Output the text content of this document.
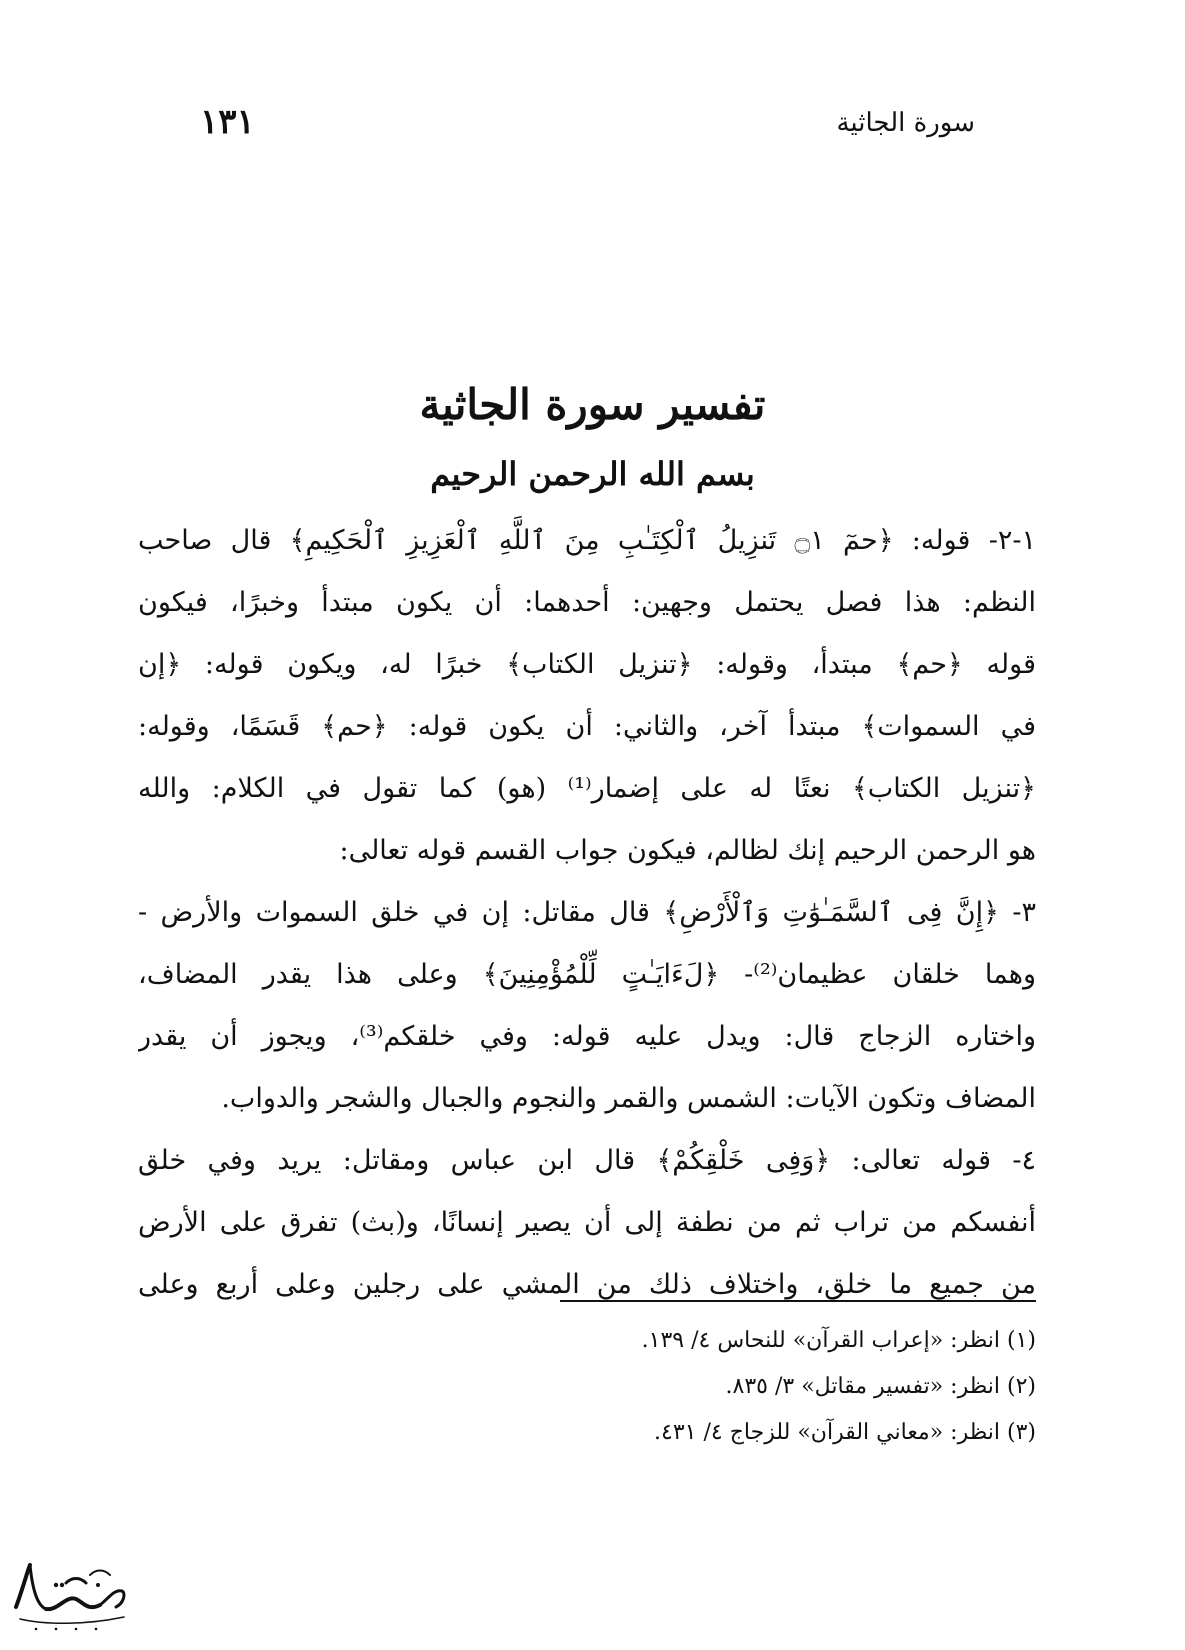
سورة الجاثية
١٣١
تفسير سورة الجاثية
بسم الله الرحمن الرحيم
١-٢- قوله: ﴿حمٓ ۝١ تَنزِيلُ ٱلْكِتَـٰبِ مِنَ ٱللَّهِ ٱلْعَزِيزِ ٱلْحَكِيمِ﴾ قال صاحب
النظم: هذا فصل يحتمل وجهين: أحدهما: أن يكون مبتدأ وخبرًا، فيكون
قوله ﴿حم﴾ مبتدأ، وقوله: ﴿تنزيل الكتاب﴾ خبرًا له، ويكون قوله: ﴿إن
في السموات﴾ مبتدأ آخر، والثاني: أن يكون قوله: ﴿حم﴾ قَسَمًا، وقوله:
﴿تنزيل الكتاب﴾ نعتًا له على إضمار⁽¹⁾ (هو) كما تقول في الكلام: والله
هو الرحمن الرحيم إنك لظالم، فيكون جواب القسم قوله تعالى:
٣- ﴿إِنَّ فِى ٱلسَّمَـٰوَٰتِ وَٱلْأَرْضِ﴾ قال مقاتل: إن في خلق السموات والأرض -
وهما خلقان عظيمان⁽²⁾- ﴿لَءَايَـٰتٍ لِّلْمُؤْمِنِينَ﴾ وعلى هذا يقدر المضاف،
واختاره الزجاج قال: ويدل عليه قوله: وفي خلقكم⁽³⁾، ويجوز أن يقدر
المضاف وتكون الآيات: الشمس والقمر والنجوم والجبال والشجر والدواب.
٤- قوله تعالى: ﴿وَفِى خَلْقِكُمْ﴾ قال ابن عباس ومقاتل: يريد وفي خلق
أنفسكم من تراب ثم من نطفة إلى أن يصير إنسانًا، و(بث) تفرق على الأرض
من جميع ما خلق، واختلاف ذلك من المشي على رجلين وعلى أربع وعلى
(١) انظر: «إعراب القرآن» للنحاس ٤/ ١٣٩.
(٢) انظر: «تفسير مقاتل» ٣/ ٨٣٥.
(٣) انظر: «معاني القرآن» للزجاج ٤/ ٤٣١.
